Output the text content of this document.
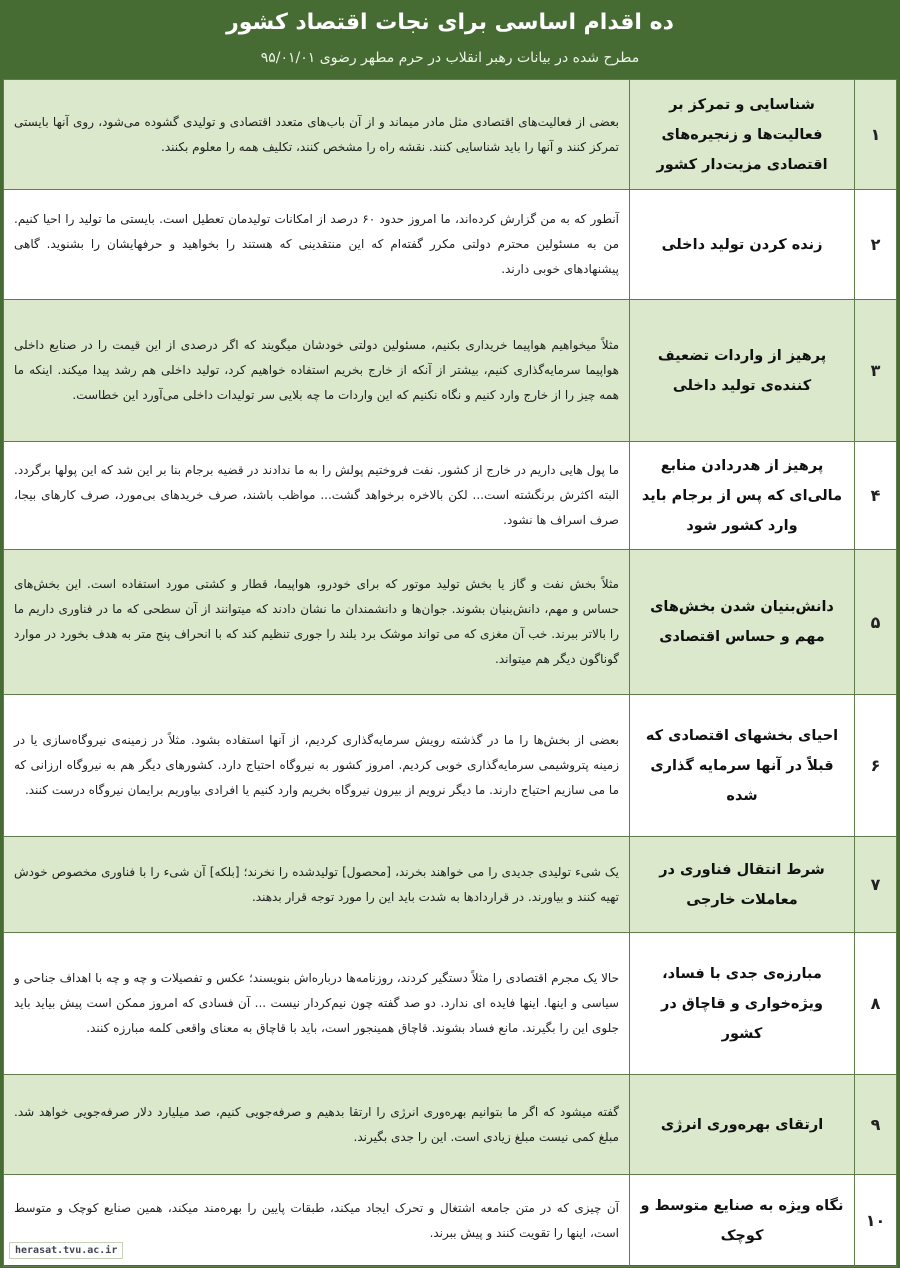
ده اقدام اساسی برای نجات اقتصاد کشور
مطرح شده در بیانات رهبر انقلاب در حرم مطهر رضوی ۹۵/۰۱/۰۱
۱	شناسایی و تمرکز بر فعالیت‌ها و زنجیره‌های اقتصادی مزیت‌دار کشور	بعضی از فعالیت‌های اقتصادی مثل مادر میماند و از آن باب‌های متعدد اقتصادی و تولیدی گشوده می‌شود، روی آنها بایستی تمرکز کنند و آنها را باید شناسایی کنند. نقشه راه را مشخص کنند، تکلیف همه را معلوم بکنند.
۲	زنده کردن تولید داخلی	آنطور که به من گزارش کرده‌اند، ما امروز حدود ۶۰ درصد از امکانات تولیدمان تعطیل است. بایستی ما تولید را احیا کنیم. من به مسئولین محترم دولتی مکرر گفته‌ام که این منتقدینی که هستند را بخواهید و حرفهایشان را بشنوید. گاهی پیشنهادهای خوبی دارند.
۳	پرهیز از واردات تضعیف کننده‌ی تولید داخلی	مثلاً میخواهیم هواپیما خریداری بکنیم، مسئولین دولتی خودشان میگویند که اگر درصدی از این قیمت را در صنایع داخلی هواپیما سرمایه‌گذاری کنیم، بیشتر از آنکه از خارج بخریم استفاده خواهیم کرد، تولید داخلی هم رشد پیدا میکند. اینکه ما همه چیز را از خارج وارد کنیم و نگاه نکنیم که این واردات ما چه بلایی سر تولیدات داخلی می‌آورد این خطاست.
۴	پرهیز از هدردادن منابع مالی‌ای که پس از برجام باید وارد کشور شود	ما پول هایی داریم در خارج از کشور. نفت فروختیم پولش را به ما ندادند در قضیه برجام بنا بر این شد که این پولها برگردد. البته اکثرش برنگشته است... لکن بالاخره برخواهد گشت... مواظب باشند، صرف خریدهای بی‌مورد، صرف کارهای بیجا، صرف اسراف ها نشود.
۵	دانش‌بنیان شدن بخش‌های مهم و حساس اقتصادی	مثلاً بخش نفت و گاز یا بخش تولید موتور که برای خودرو، هواپیما، قطار و کشتی مورد استفاده است. این بخش‌های حساس و مهم، دانش‌بنیان بشوند. جوان‌ها و دانشمندان ما نشان دادند که میتوانند از آن سطحی که ما در فناوری داریم ما را بالاتر ببرند. خب آن مغزی که می تواند موشک برد بلند را جوری تنظیم کند که با انحراف پنج متر به هدف بخورد در موارد گوناگون دیگر هم میتواند.
۶	احیای بخشهای اقتصادی که قبلاً در آنها سرمایه گذاری شده	بعضی از بخش‌ها را ما در گذشته رویش سرمایه‌گذاری کردیم، از آنها استفاده بشود. مثلاً در زمینه‌ی نیروگاه‌سازی یا در زمینه پتروشیمی سرمایه‌گذاری خوبی کردیم. امروز کشور به نیروگاه احتیاج دارد. کشورهای دیگر هم به نیروگاه ارزانی که ما می سازیم احتیاج دارند. ما دیگر نرویم از بیرون نیروگاه بخریم وارد کنیم یا افرادی بیاوریم برایمان نیروگاه درست کنند.
۷	شرط انتقال فناوری در معاملات خارجی	یک شیء تولیدی جدیدی را می خواهند بخرند، [محصول] تولیدشده را نخرند؛ [بلکه] آن شیء را با فناوری مخصوص خودش تهیه کنند و بیاورند. در قراردادها به شدت باید این را مورد توجه قرار بدهند.
۸	مبارزه‌ی جدی با فساد، ویژه‌خواری و قاچاق در کشور	حالا یک مجرم اقتصادی را مثلاً دستگیر کردند، روزنامه‌ها درباره‌اش بنویسند؛ عکس و تفصیلات و چه و چه با اهداف جناحی و سیاسی و اینها. اینها فایده ای ندارد. دو صد گفته چون نیم‌کردار نیست ... آن فسادی که امروز ممکن است پیش بیاید باید جلوی این را بگیرند. مانع فساد بشوند. قاچاق همینجور است، باید با قاچاق به معنای واقعی کلمه مبارزه کنند.
۹	ارتقای بهره‌وری انرژی	گفته میشود که اگر ما بتوانیم بهره‌وری انرژی را ارتقا بدهیم و صرفه‌جویی کنیم، صد میلیارد دلار صرفه‌جویی خواهد شد. مبلغ کمی نیست مبلغ زیادی است. این را جدی بگیرند.
۱۰	نگاه ویژه به صنایع متوسط و کوچک	آن چیزی که در متن جامعه اشتغال و تحرک ایجاد میکند، طبقات پایین را بهره‌مند میکند، همین صنایع کوچک و متوسط است، اینها را تقویت کنند و پیش ببرند.
herasat.tvu.ac.ir
